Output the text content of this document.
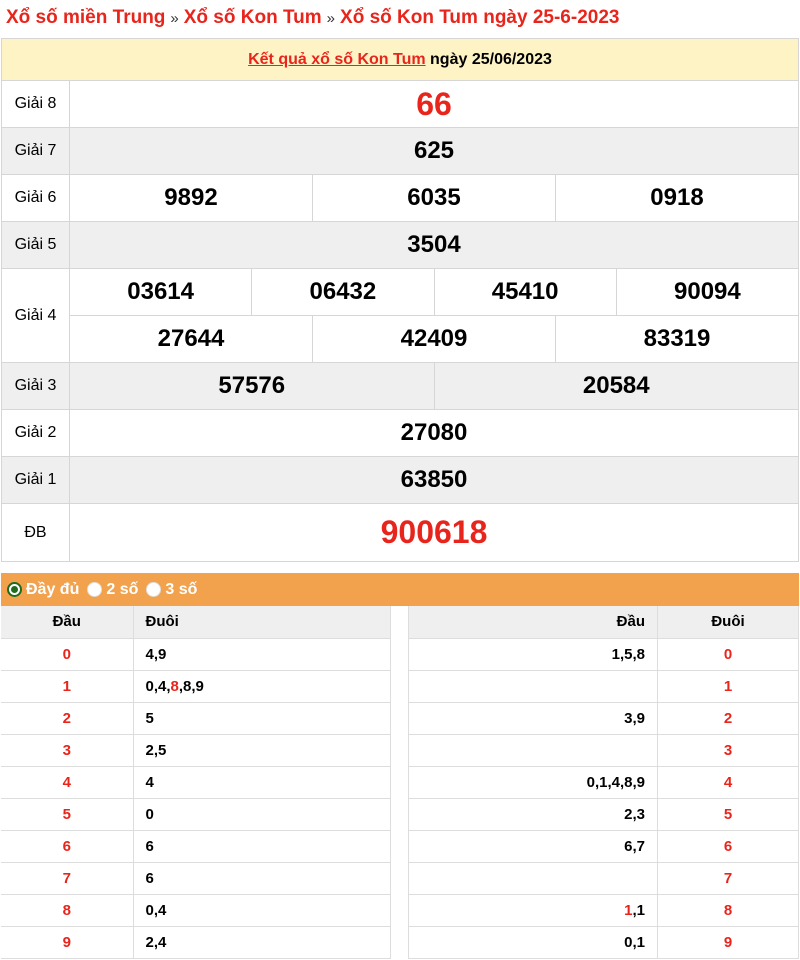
Xổ số miền Trung » Xổ số Kon Tum » Xổ số Kon Tum ngày 25-6-2023
Kết quả xổ số Kon Tum ngày 25/06/2023						
Giải 8	66					
Giải 7	625					
Giải 6	9892		6035		0918	
Giải 5	3504					
Giải 4	03614	06432		45410		90094
	27644		42409		83319	
Giải 3	57576			20584		
Giải 2	27080					
Giải 1	63850					
ĐB	900618					
Đầy đủ 2 số 3 số
Đầu	Đuôi
0	4,9
1	0,4,8,8,9
2	5
3	2,5
4	4
5	0
6	6
7	6
8	0,4
9	2,4
Đầu	Đuôi
1,5,8	0
	1
3,9	2
	3
0,1,4,8,9	4
2,3	5
6,7	6
	7
1,1	8
0,1	9
